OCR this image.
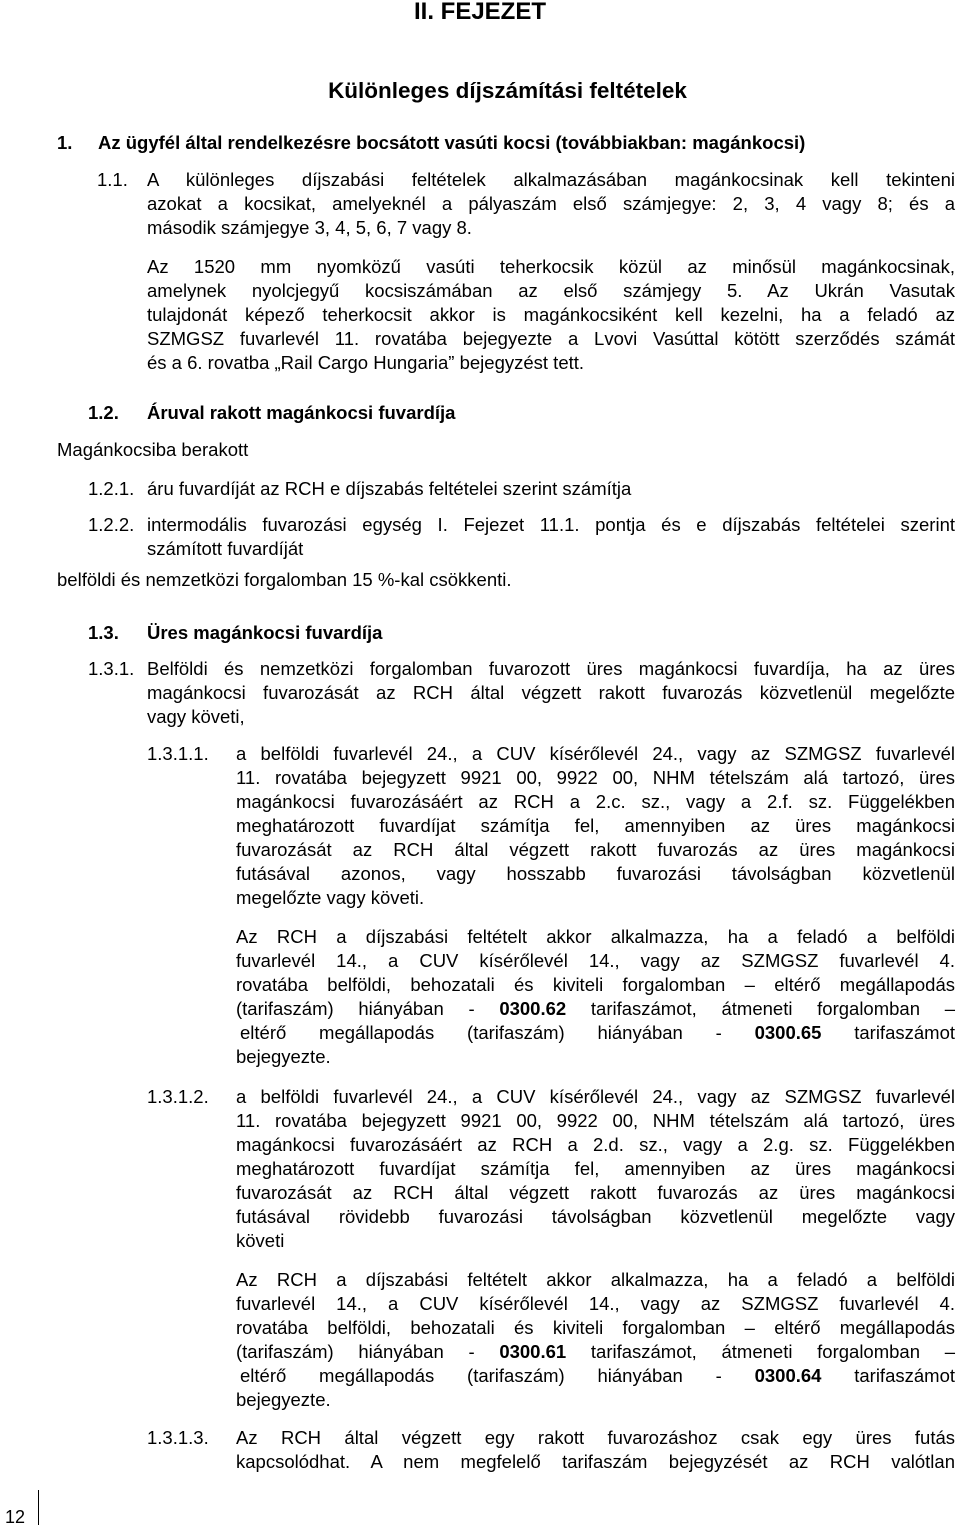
II. FEJEZET
Különleges díjszámítási feltételek
1. Az ügyfél által rendelkezésre bocsátott vasúti kocsi (továbbiakban: magánkocsi)
1.1. A különleges díjszabási feltételek alkalmazásában magánkocsinak kell tekinteni
azokat a kocsikat, amelyeknél a pályaszám első számjegye: 2, 3, 4 vagy 8; és a
második számjegye 3, 4, 5, 6, 7 vagy 8.
Az 1520 mm nyomközű vasúti teherkocsik közül az minősül magánkocsinak,
amelynek nyolcjegyű kocsiszámában az első számjegy 5. Az Ukrán Vasutak
tulajdonát képező teherkocsit akkor is magánkocsiként kell kezelni, ha a feladó az
SZMGSZ fuvarlevél 11. rovatába bejegyezte a Lvovi Vasúttal kötött szerződés számát
és a 6. rovatba „Rail Cargo Hungaria” bejegyzést tett.
1.2. Áruval rakott magánkocsi fuvardíja
Magánkocsiba berakott
1.2.1. áru fuvardíját az RCH e díjszabás feltételei szerint számítja
1.2.2. intermodális fuvarozási egység I. Fejezet 11.1. pontja és e díjszabás feltételei szerint
számított fuvardíját
belföldi és nemzetközi forgalomban 15 %-kal csökkenti.
1.3. Üres magánkocsi fuvardíja
1.3.1. Belföldi és nemzetközi forgalomban fuvarozott üres magánkocsi fuvardíja, ha az üres
magánkocsi fuvarozását az RCH által végzett rakott fuvarozás közvetlenül megelőzte
vagy követi,
1.3.1.1. a belföldi fuvarlevél 24., a CUV kísérőlevél 24., vagy az SZMGSZ fuvarlevél
11. rovatába bejegyzett 9921 00, 9922 00, NHM tételszám alá tartozó, üres
magánkocsi fuvarozásáért az RCH a 2.c. sz., vagy a 2.f. sz. Függelékben
meghatározott fuvardíjat számítja fel, amennyiben az üres magánkocsi
fuvarozását az RCH által végzett rakott fuvarozás az üres magánkocsi
futásával azonos, vagy hosszabb fuvarozási távolságban közvetlenül
megelőzte vagy követi.
Az RCH a díjszabási feltételt akkor alkalmazza, ha a feladó a belföldi
fuvarlevél 14., a CUV kísérőlevél 14., vagy az SZMGSZ fuvarlevél 4.
rovatába belföldi, behozatali és kiviteli forgalomban – eltérő megállapodás
(tarifaszám) hiányában - 0300.62 tarifaszámot, átmeneti forgalomban –
eltérő megállapodás (tarifaszám) hiányában - 0300.65 tarifaszámot
bejegyezte.
1.3.1.2. a belföldi fuvarlevél 24., a CUV kísérőlevél 24., vagy az SZMGSZ fuvarlevél
11. rovatába bejegyzett 9921 00, 9922 00, NHM tételszám alá tartozó, üres
magánkocsi fuvarozásáért az RCH a 2.d. sz., vagy a 2.g. sz. Függelékben
meghatározott fuvardíjat számítja fel, amennyiben az üres magánkocsi
fuvarozását az RCH által végzett rakott fuvarozás az üres magánkocsi
futásával rövidebb fuvarozási távolságban közvetlenül megelőzte vagy
követi
Az RCH a díjszabási feltételt akkor alkalmazza, ha a feladó a belföldi
fuvarlevél 14., a CUV kísérőlevél 14., vagy az SZMGSZ fuvarlevél 4.
rovatába belföldi, behozatali és kiviteli forgalomban – eltérő megállapodás
(tarifaszám) hiányában - 0300.61 tarifaszámot, átmeneti forgalomban –
eltérő megállapodás (tarifaszám) hiányában - 0300.64 tarifaszámot
bejegyezte.
1.3.1.3. Az RCH által végzett egy rakott fuvarozáshoz csak egy üres futás
kapcsolódhat. A nem megfelelő tarifaszám bejegyzését az RCH valótlan
12
